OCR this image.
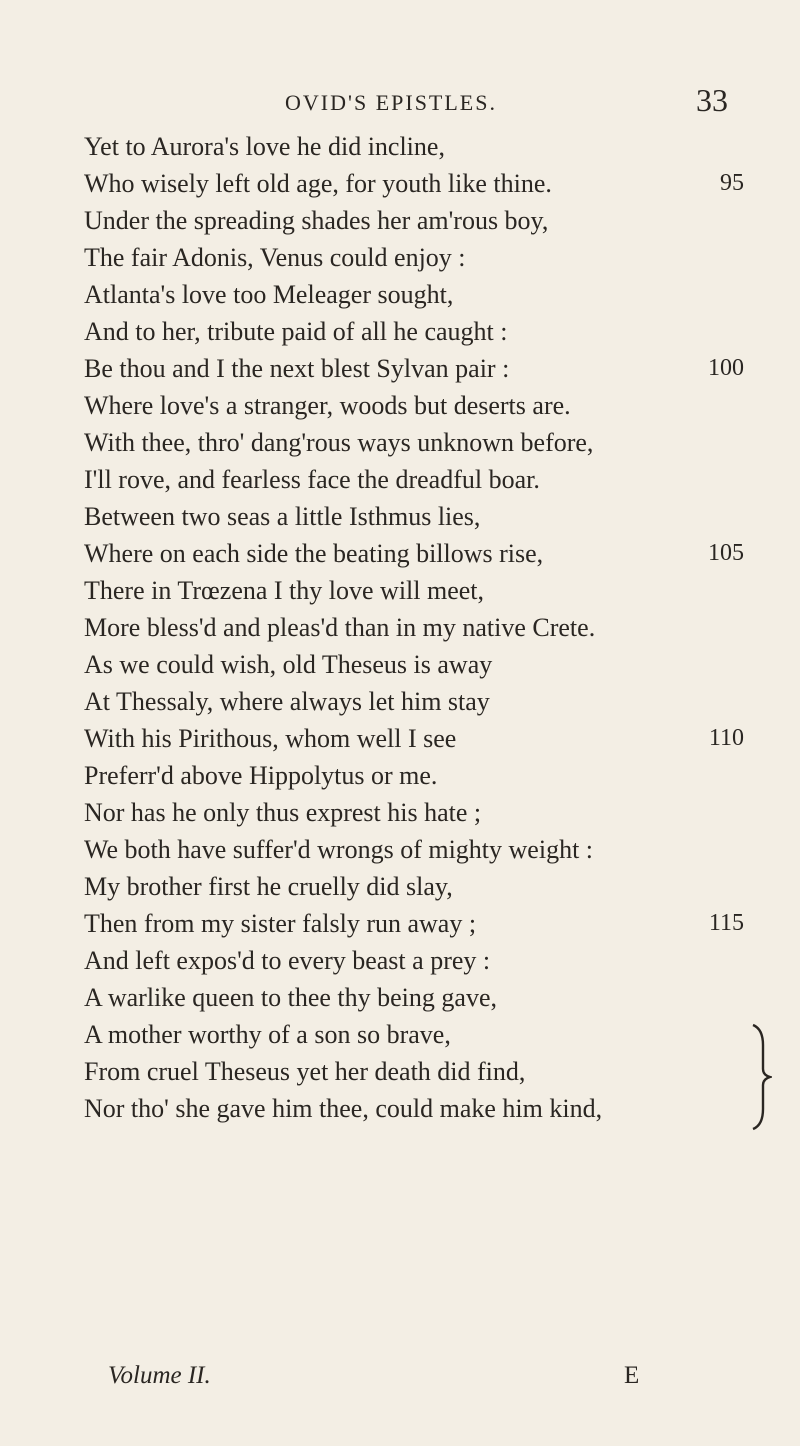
OVID'S EPISTLES.	33
Yet to Aurora's love he did incline,
Who wisely left old age, for youth like thine.	95
Under the spreading shades her am'rous boy,
The fair Adonis, Venus could enjoy :
Atlanta's love too Meleager sought,
And to her, tribute paid of all he caught :
Be thou and I the next blest Sylvan pair :	100
Where love's a stranger, woods but deserts are.
With thee, thro' dang'rous ways unknown before,
I'll rove, and fearless face the dreadful boar.
Between two seas a little Isthmus lies,
Where on each side the beating billows rise,	105
There in Trœzena I thy love will meet,
More bless'd and pleas'd than in my native Crete.
As we could wish, old Theseus is away
At Thessaly, where always let him stay
With his Pirithous, whom well I see	110
Preferr'd above Hippolytus or me.
Nor has he only thus exprest his hate ;
We both have suffer'd wrongs of mighty weight :
My brother first he cruelly did slay,
Then from my sister falsly run away ;	115
And left expos'd to every beast a prey :
A warlike queen to thee thy being gave,
A mother worthy of a son so brave,
From cruel Theseus yet her death did find,
Nor tho' she gave him thee, could make him kind,
Volume II.	E
